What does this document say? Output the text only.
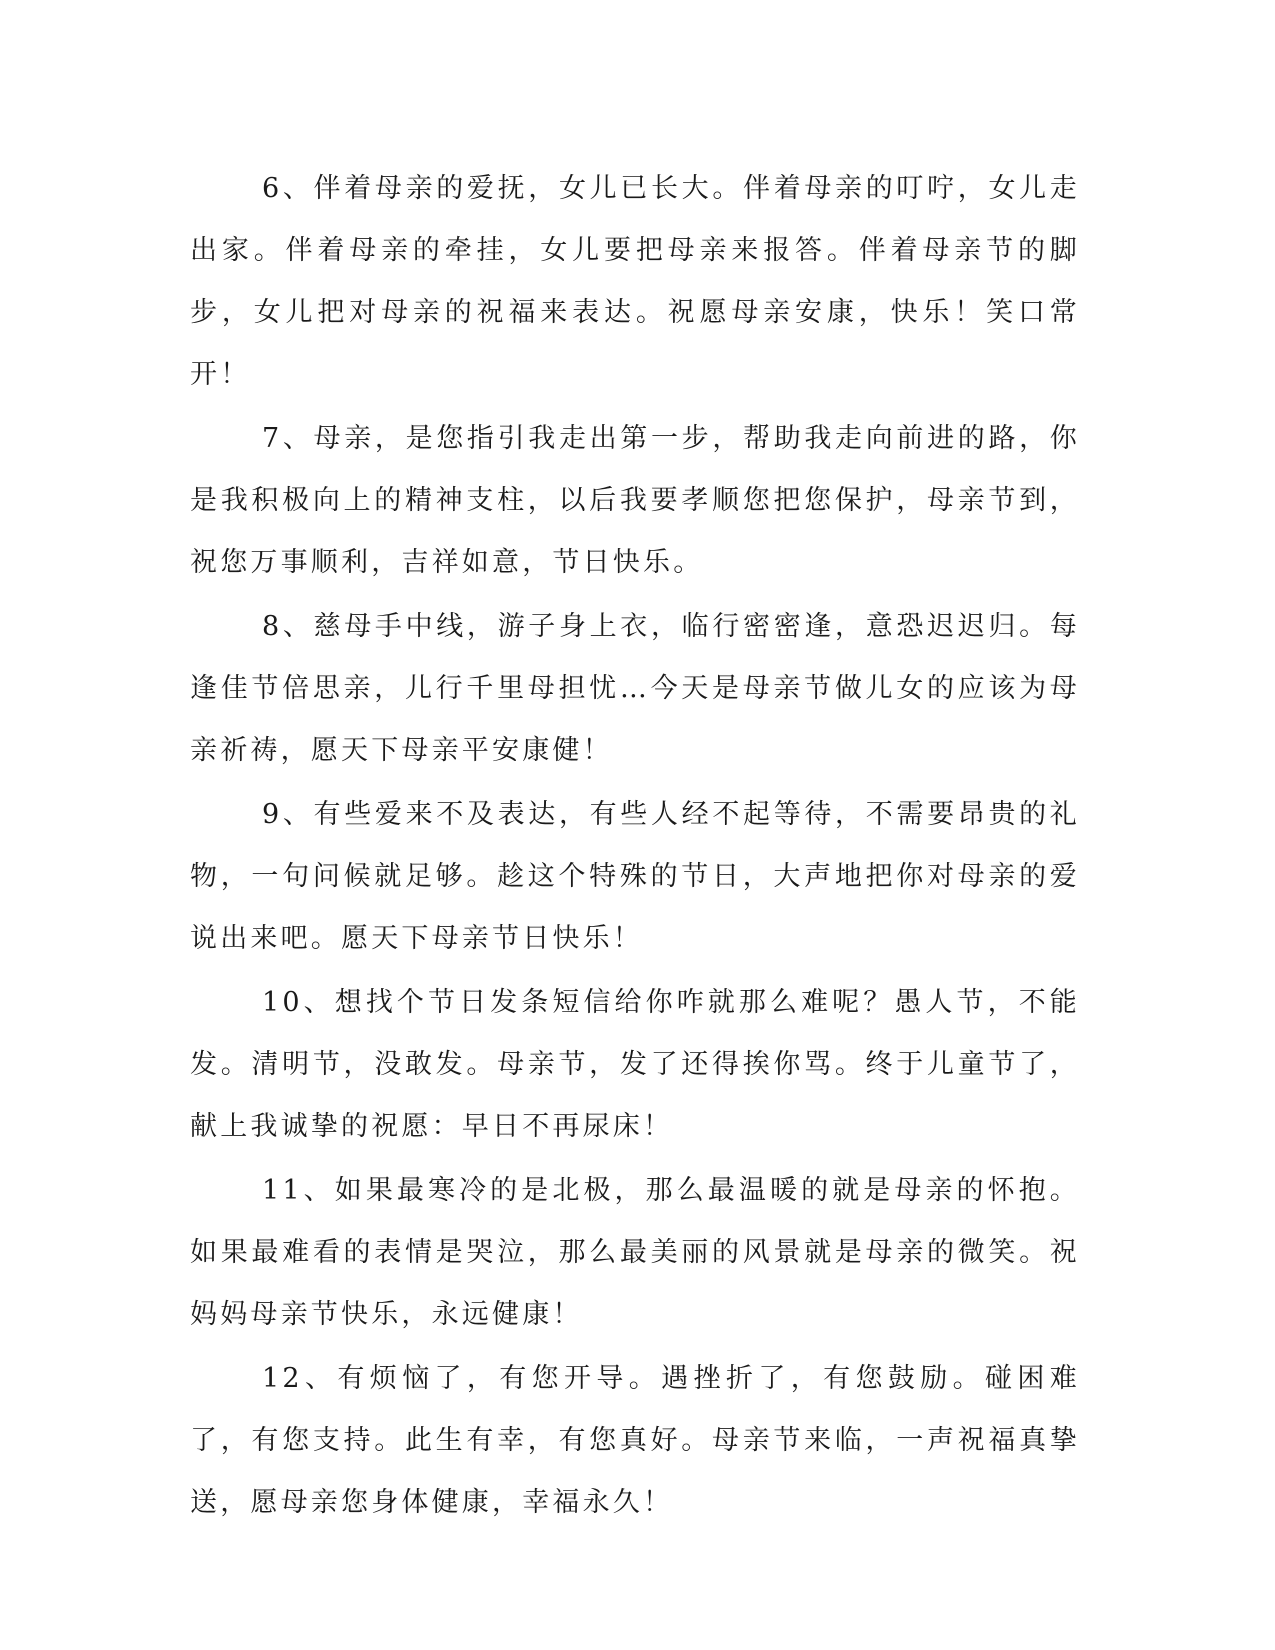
6、伴着母亲的爱抚，女儿已长大。伴着母亲的叮咛，女儿走出家。伴着母亲的牵挂，女儿要把母亲来报答。伴着母亲节的脚步，女儿把对母亲的祝福来表达。祝愿母亲安康，快乐！笑口常开！

7、母亲，是您指引我走出第一步，帮助我走向前进的路，你是我积极向上的精神支柱，以后我要孝顺您把您保护，母亲节到，祝您万事顺利，吉祥如意，节日快乐。

8、慈母手中线，游子身上衣，临行密密逢，意恐迟迟归。每逢佳节倍思亲，儿行千里母担忧…今天是母亲节做儿女的应该为母亲祈祷，愿天下母亲平安康健！

9、有些爱来不及表达，有些人经不起等待，不需要昂贵的礼物，一句问候就足够。趁这个特殊的节日，大声地把你对母亲的爱说出来吧。愿天下母亲节日快乐！

10、想找个节日发条短信给你咋就那么难呢？愚人节，不能发。清明节，没敢发。母亲节，发了还得挨你骂。终于儿童节了，献上我诚挚的祝愿：早日不再尿床！

11、如果最寒冷的是北极，那么最温暖的就是母亲的怀抱。如果最难看的表情是哭泣，那么最美丽的风景就是母亲的微笑。祝妈妈母亲节快乐，永远健康！

12、有烦恼了，有您开导。遇挫折了，有您鼓励。碰困难了，有您支持。此生有幸，有您真好。母亲节来临，一声祝福真挚送，愿母亲您身体健康，幸福永久！
